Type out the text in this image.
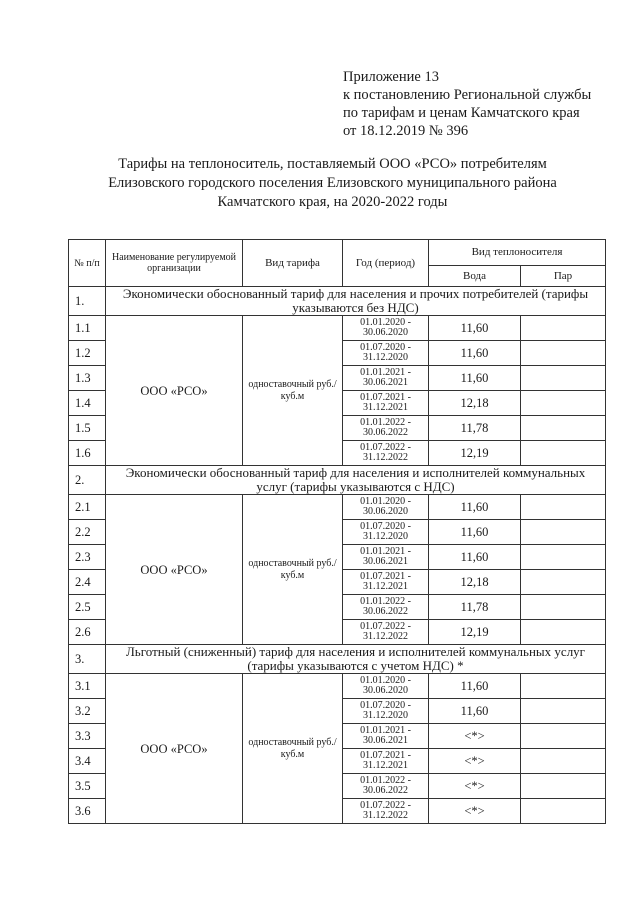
Приложение 13
к постановлению Региональной службы
по тарифам и ценам Камчатского края
от 18.12.2019 № 396
Тарифы на теплоноситель, поставляемый ООО «РСО» потребителям
Елизовского городского поселения Елизовского муниципального района
Камчатского края, на 2020-2022 годы
№ п/п	Наименование регулируемой организации	Вид тарифа	Год (период)	Вид теплоносителя	
				Вода	Пар
1.	Экономически обоснованный тариф для населения и прочих потребителей (тарифы указываются без НДС)				
1.1	ООО «РСО»	одноставочный руб./куб.м	01.01.2020 - 30.06.2020	11,60	
1.2			01.07.2020 - 31.12.2020	11,60	
1.3			01.01.2021 - 30.06.2021	11,60	
1.4			01.07.2021 - 31.12.2021	12,18	
1.5			01.01.2022 - 30.06.2022	11,78	
1.6			01.07.2022 - 31.12.2022	12,19	
2.	Экономически обоснованный тариф для населения и исполнителей коммунальных услуг (тарифы указываются с НДС)				
2.1	ООО «РСО»	одноставочный руб./куб.м	01.01.2020 - 30.06.2020	11,60	
2.2			01.07.2020 - 31.12.2020	11,60	
2.3			01.01.2021 - 30.06.2021	11,60	
2.4			01.07.2021 - 31.12.2021	12,18	
2.5			01.01.2022 - 30.06.2022	11,78	
2.6			01.07.2022 - 31.12.2022	12,19	
3.	Льготный (сниженный) тариф для населения и исполнителей коммунальных услуг (тарифы указываются с учетом НДС) *				
3.1	ООО «РСО»	одноставочный руб./куб.м	01.01.2020 - 30.06.2020	11,60	
3.2			01.07.2020 - 31.12.2020	11,60	
3.3			01.01.2021 - 30.06.2021	<*>	
3.4			01.07.2021 - 31.12.2021	<*>	
3.5			01.01.2022 - 30.06.2022	<*>	
3.6			01.07.2022 - 31.12.2022	<*>	
